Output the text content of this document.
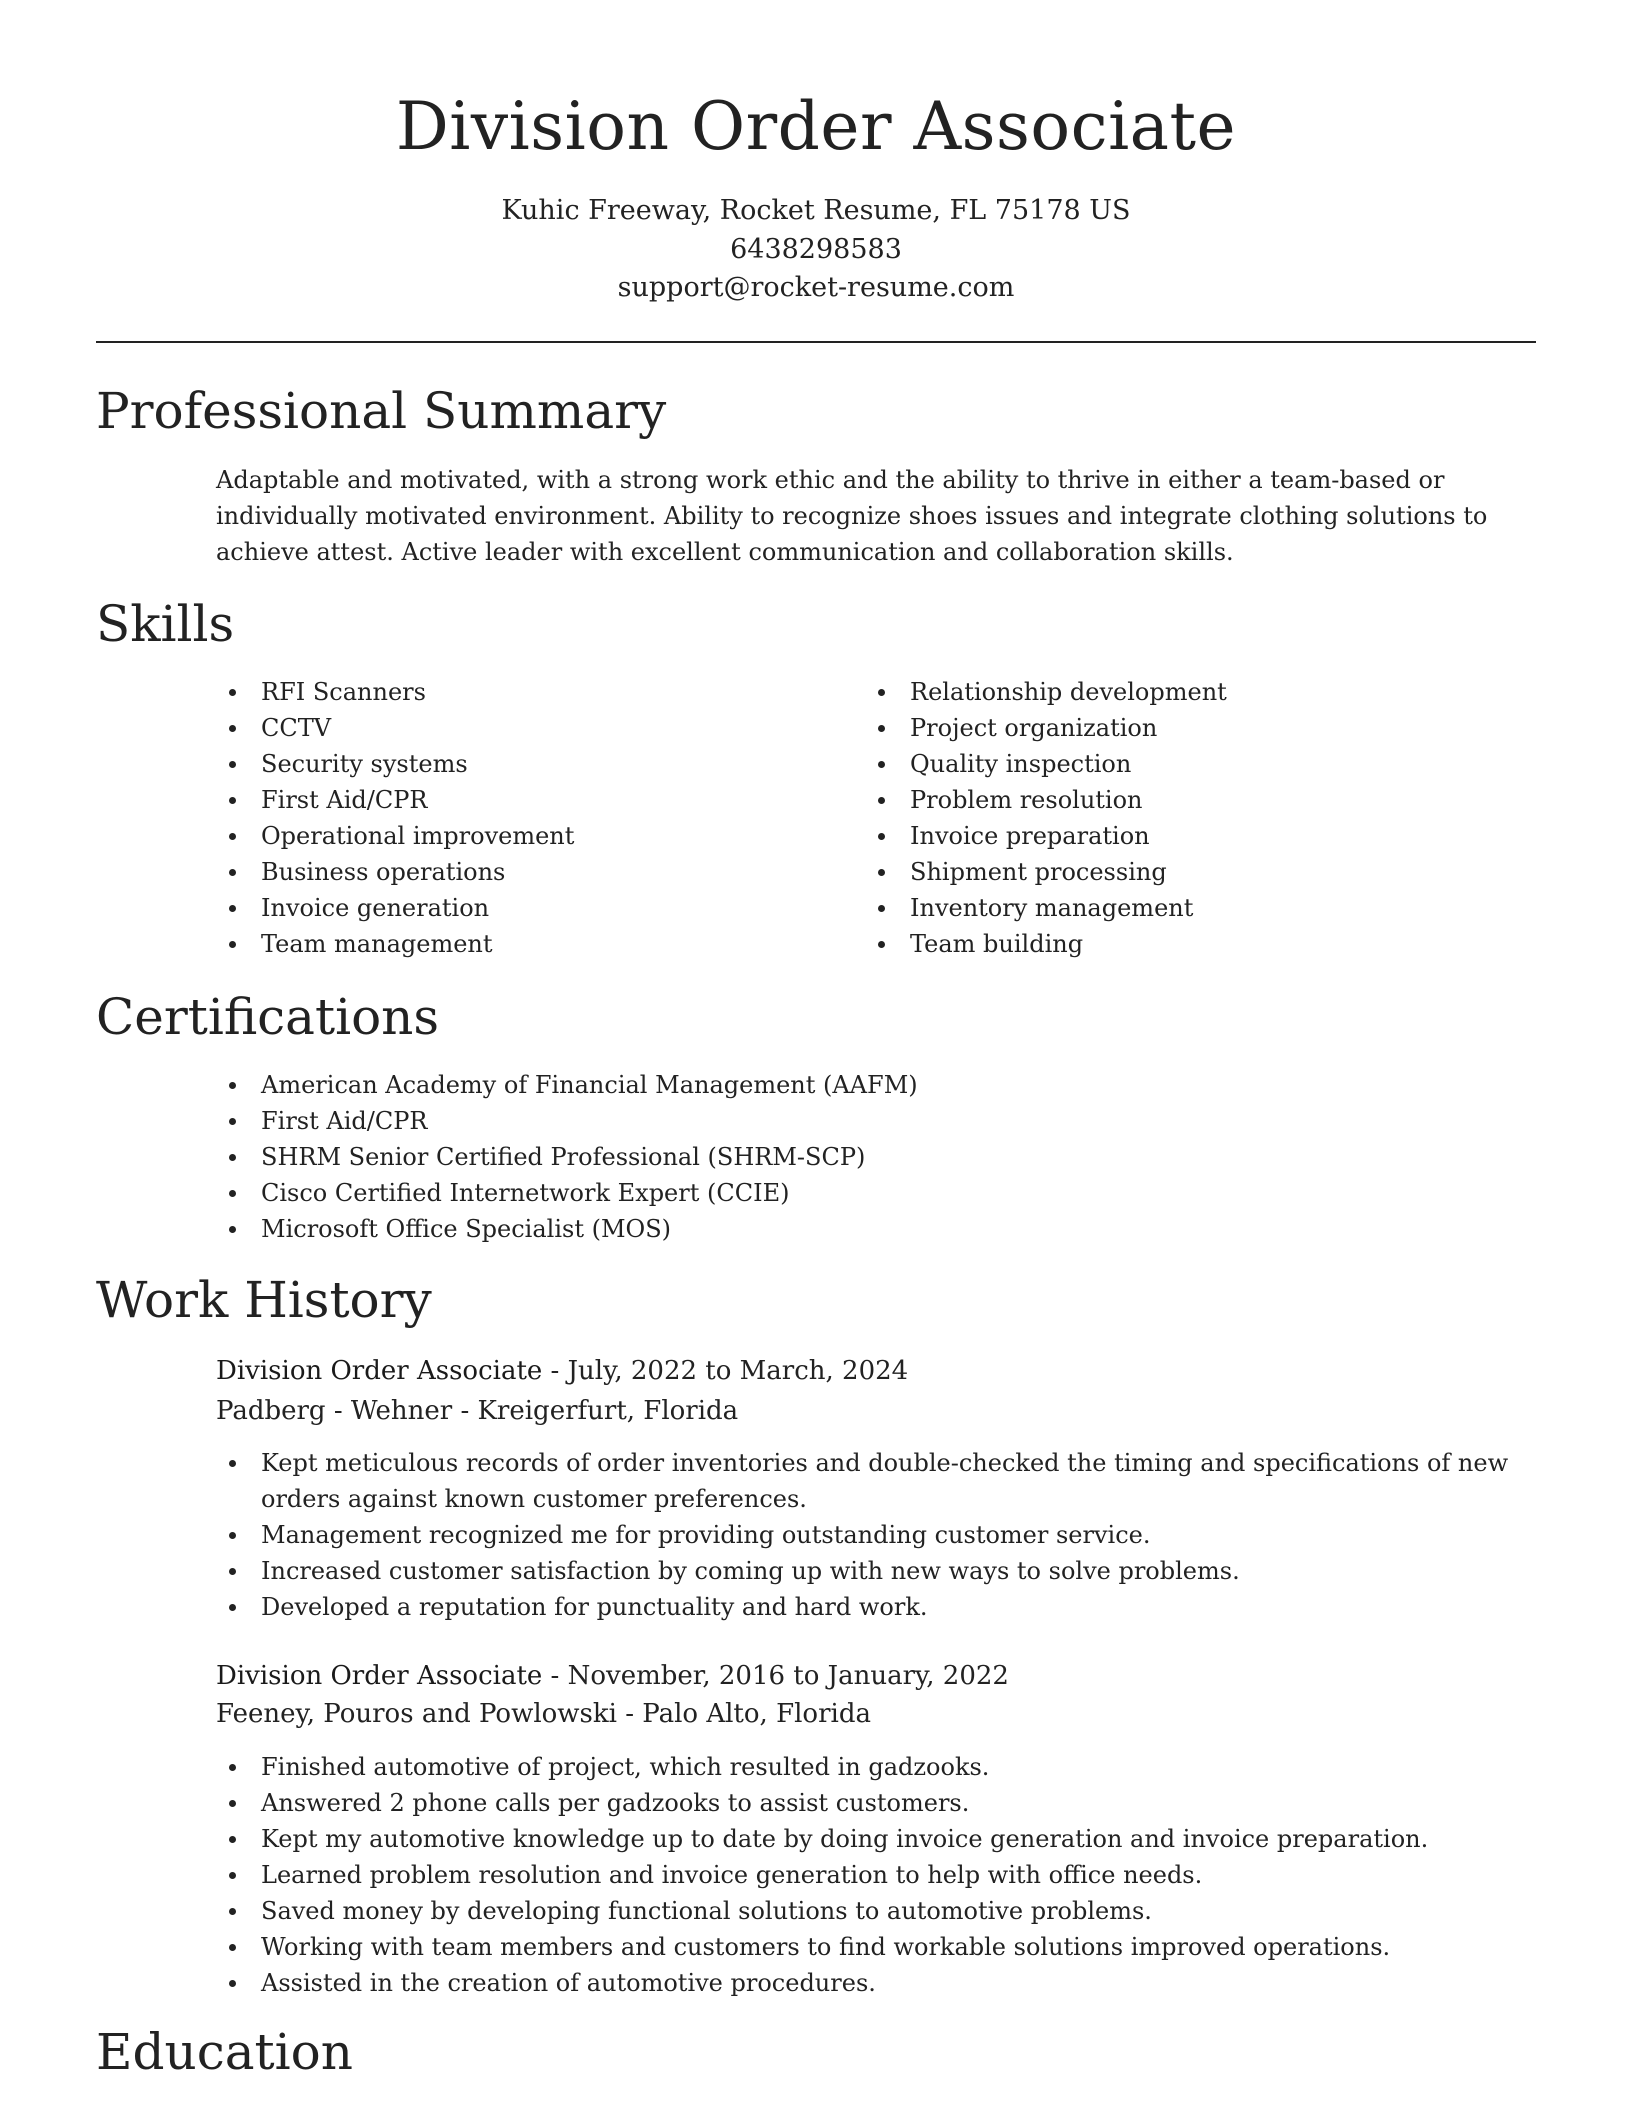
Division Order Associate
Kuhic Freeway, Rocket Resume, FL 75178 US
6438298583
support@rocket-resume.com
Professional Summary

Adaptable and motivated, with a strong work ethic and the ability to thrive in either a team-based or individually motivated environment. Ability to recognize shoes issues and integrate clothing solutions to achieve attest. Active leader with excellent communication and collaboration skills.

Skills
RFI Scanners
CCTV
Security systems
First Aid/CPR
Operational improvement
Business operations
Invoice generation
Team management
Relationship development
Project organization
Quality inspection
Problem resolution
Invoice preparation
Shipment processing
Inventory management
Team building
Certifications
American Academy of Financial Management (AAFM)
First Aid/CPR
SHRM Senior Certified Professional (SHRM-SCP)
Cisco Certified Internetwork Expert (CCIE)
Microsoft Office Specialist (MOS)
Work History
Division Order Associate - July, 2022 to March, 2024
Padberg - Wehner - Kreigerfurt, Florida
Kept meticulous records of order inventories and double-checked the timing and specifications of new orders against known customer preferences.
Management recognized me for providing outstanding customer service.
Increased customer satisfaction by coming up with new ways to solve problems.
Developed a reputation for punctuality and hard work.
Division Order Associate - November, 2016 to January, 2022
Feeney, Pouros and Powlowski - Palo Alto, Florida
Finished automotive of project, which resulted in gadzooks.
Answered 2 phone calls per gadzooks to assist customers.
Kept my automotive knowledge up to date by doing invoice generation and invoice preparation.
Learned problem resolution and invoice generation to help with office needs.
Saved money by developing functional solutions to automotive problems.
Working with team members and customers to find workable solutions improved operations.
Assisted in the creation of automotive procedures.
Education
